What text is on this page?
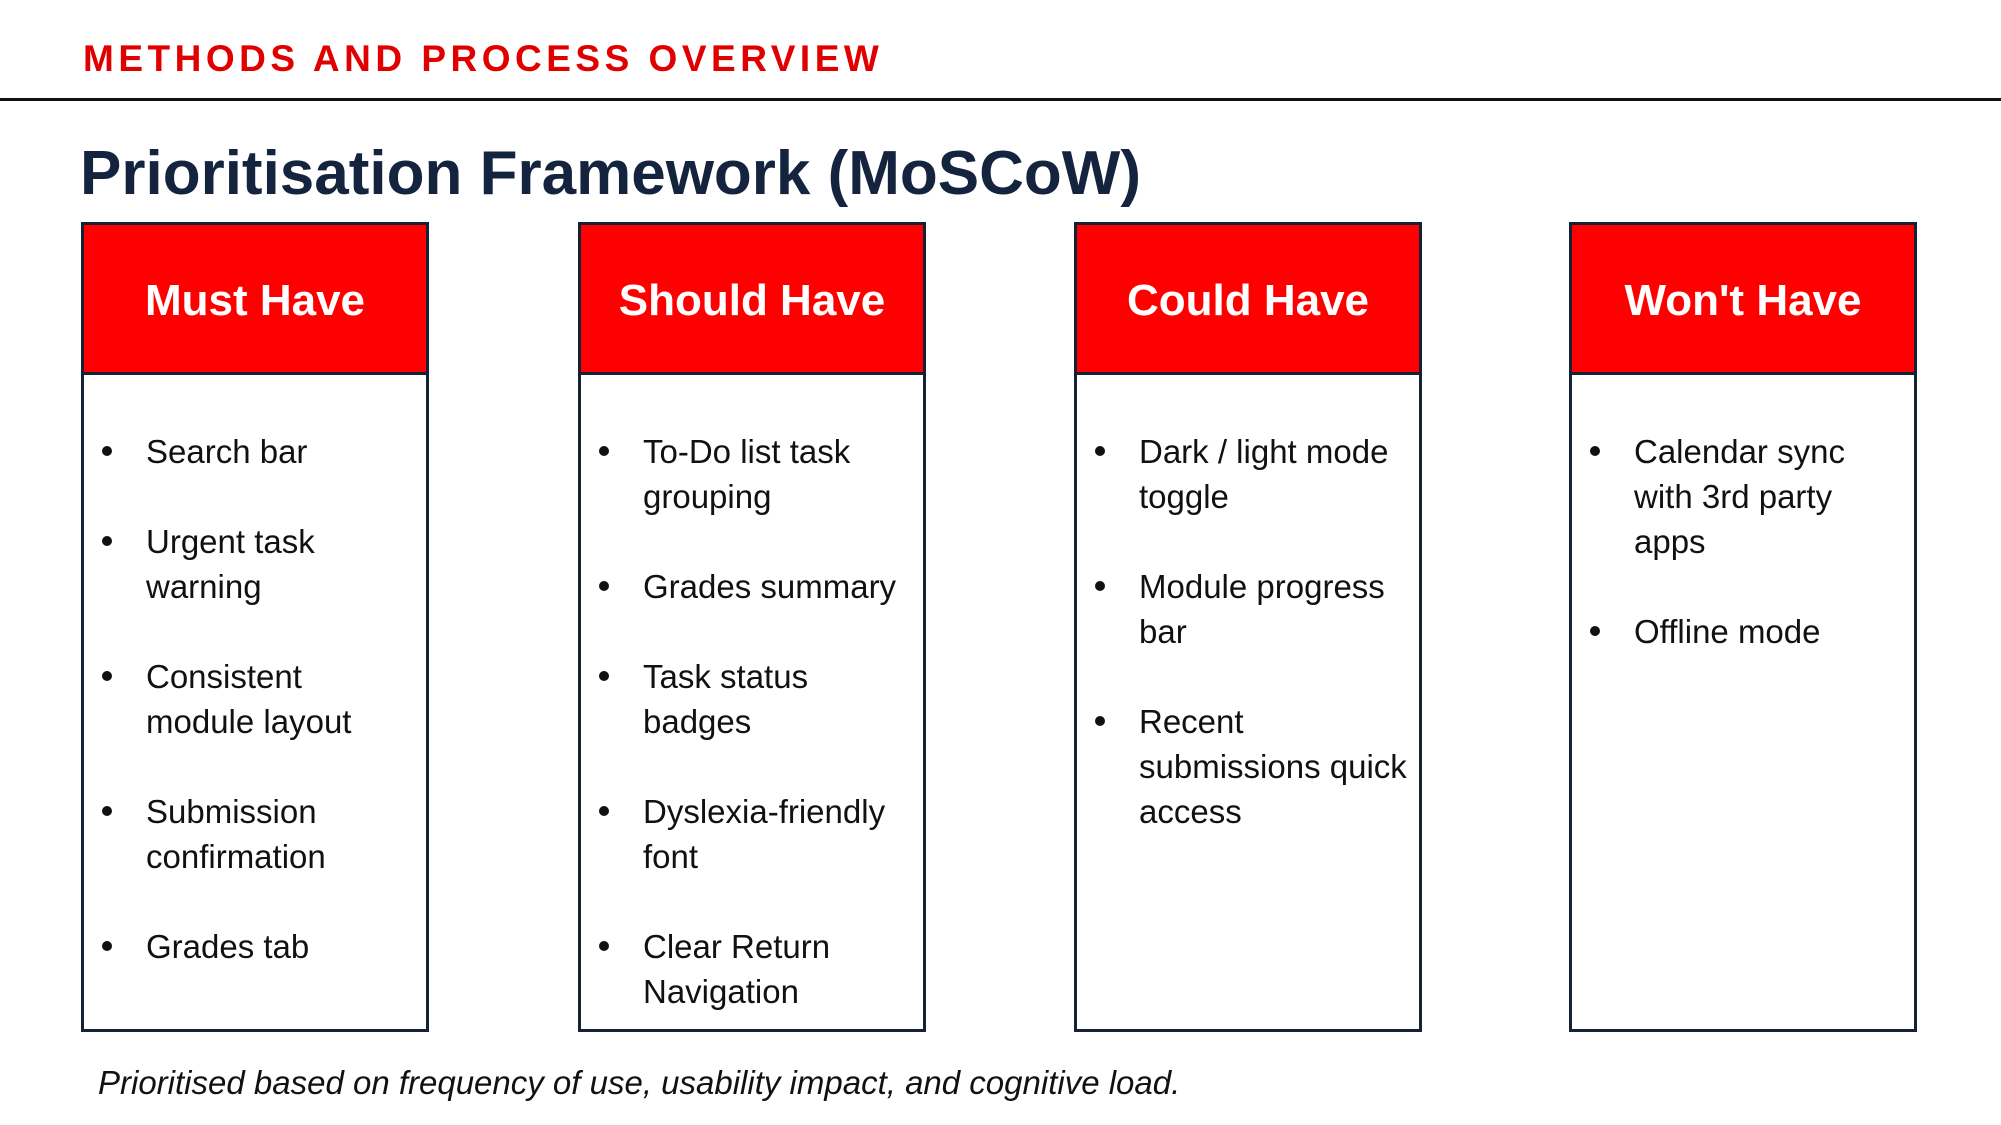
METHODS AND PROCESS OVERVIEW
Prioritisation Framework (MoSCoW)
Must Have
Search bar
Urgent task warning
Consistent module layout
Submission confirmation
Grades tab
Should Have
To-Do list task grouping
Grades summary
Task status badges
Dyslexia-friendly font
Clear Return Navigation
Could Have
Dark / light mode toggle
Module progress bar
Recent submissions quick access
Won't Have
Calendar sync with 3rd party apps
Offline mode
Prioritised based on frequency of use, usability impact, and cognitive load.
